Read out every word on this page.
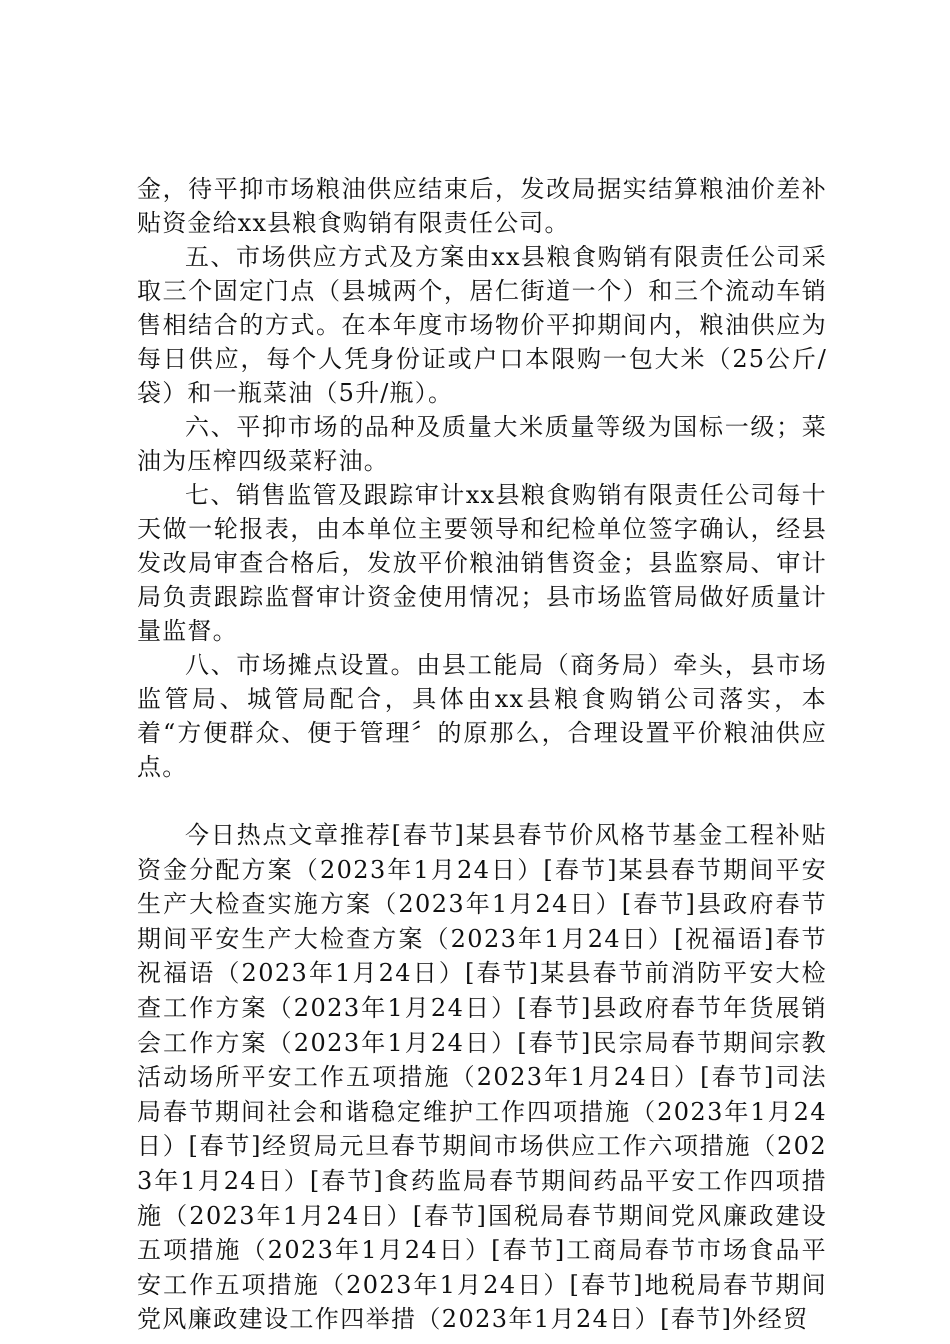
金，待平抑市场粮油供应结束后，发改局据实结算粮油价差补贴资金给xx县粮食购销有限责任公司。

五、市场供应方式及方案由xx县粮食购销有限责任公司采取三个固定门点（县城两个，居仁街道一个）和三个流动车销售相结合的方式。在本年度市场物价平抑期间内，粮油供应为每日供应，每个人凭身份证或户口本限购一包大米（25公斤/袋）和一瓶菜油（5升/瓶）。

六、平抑市场的品种及质量大米质量等级为国标一级；菜油为压榨四级菜籽油。

七、销售监管及跟踪审计xx县粮食购销有限责任公司每十天做一轮报表，由本单位主要领导和纪检单位签字确认，经县发改局审查合格后，发放平价粮油销售资金；县监察局、审计局负责跟踪监督审计资金使用情况；县市场监管局做好质量计量监督。

八、市场摊点设置。由县工能局（商务局）牵头，县市场监管局、城管局配合，具体由xx县粮食购销公司落实，本着“方便群众、便于管理〞的原那么，合理设置平价粮油供应点。

今日热点文章推荐[春节]某县春节价风格节基金工程补贴资金分配方案（2023年1月24日）[春节]某县春节期间平安生产大检查实施方案（2023年1月24日）[春节]县政府春节期间平安生产大检查方案（2023年1月24日）[祝福语]春节祝福语（2023年1月24日）[春节]某县春节前消防平安大检查工作方案（2023年1月24日）[春节]县政府春节年货展销会工作方案（2023年1月24日）[春节]民宗局春节期间宗教活动场所平安工作五项措施（2023年1月24日）[春节]司法局春节期间社会和谐稳定维护工作四项措施（2023年1月24日）[春节]经贸局元旦春节期间市场供应工作六项措施（2023年1月24日）[春节]食药监局春节期间药品平安工作四项措施（2023年1月24日）[春节]国税局春节期间党风廉政建设五项措施（2023年1月24日）[春节]工商局春节市场食品平安工作五项措施（2023年1月24日）[春节]地税局春节期间党风廉政建设工作四举措（2023年1月24日）[春节]外经贸
